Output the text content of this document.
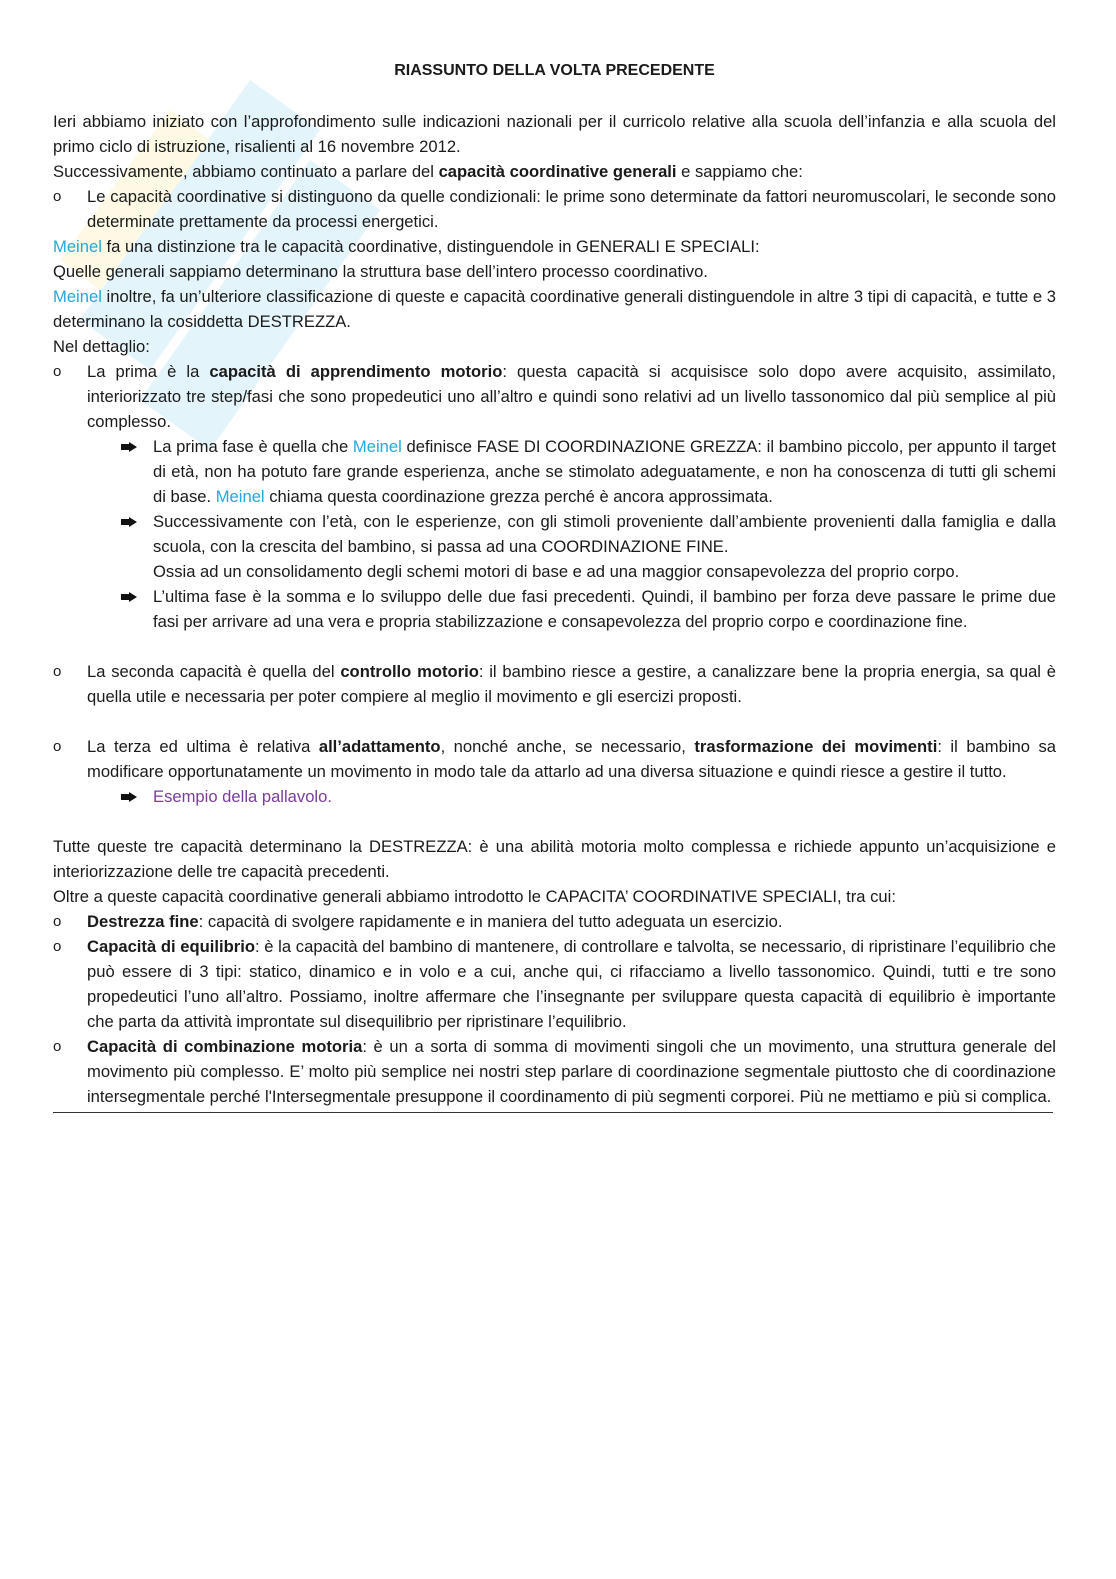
RIASSUNTO DELLA VOLTA PRECEDENTE

Ieri abbiamo iniziato con l’approfondimento sulle indicazioni nazionali per il curricolo relative alla scuola dell’infanzia e alla scuola del primo ciclo di istruzione, risalienti al 16 novembre 2012.

Successivamente, abbiamo continuato a parlare del capacità coordinative generali e sappiamo che:

o	Le capacità coordinative si distinguono da quelle condizionali: le prime sono determinate da fattori neuromuscolari, le seconde sono determinate prettamente da processi energetici.

Meinel fa una distinzione tra le capacità coordinative, distinguendole in GENERALI E SPECIALI:

Quelle generali sappiamo determinano la struttura base dell’intero processo coordinativo.

Meinel inoltre, fa un’ulteriore classificazione di queste e capacità coordinative generali distinguendole in altre 3 tipi di capacità, e tutte e 3 determinano la cosiddetta DESTREZZA.

Nel dettaglio:

o	La prima è la capacità di apprendimento motorio: questa capacità si acquisisce solo dopo avere acquisito, assimilato, interiorizzato tre step/fasi che sono propedeutici uno all’altro e quindi sono relativi ad un livello tassonomico dal più semplice al più complesso.
La prima fase è quella che Meinel definisce FASE DI COORDINAZIONE GREZZA: il bambino piccolo, per appunto il target di età, non ha potuto fare grande esperienza, anche se stimolato adeguatamente, e non ha conoscenza di tutti gli schemi di base. Meinel chiama questa coordinazione grezza perché è ancora approssimata.
Successivamente con l’età, con le esperienze, con gli stimoli proveniente dall’ambiente provenienti dalla famiglia e dalla scuola, con la crescita del bambino, si passa ad una COORDINAZIONE FINE.
Ossia ad un consolidamento degli schemi motori di base e ad una maggior consapevolezza del proprio corpo.
L’ultima fase è la somma e lo sviluppo delle due fasi precedenti. Quindi, il bambino per forza deve passare le prime due fasi per arrivare ad una vera e propria stabilizzazione e consapevolezza del proprio corpo e coordinazione fine.
o	La seconda capacità è quella del controllo motorio: il bambino riesce a gestire, a canalizzare bene la propria energia, sa qual è quella utile e necessaria per poter compiere al meglio il movimento e gli esercizi proposti.
o	La terza ed ultima è relativa all’adattamento, nonché anche, se necessario, trasformazione dei movimenti: il bambino sa modificare opportunatamente un movimento in modo tale da attarlo ad una diversa situazione e quindi riesce a gestire il tutto.
Esempio della pallavolo.

Tutte queste tre capacità determinano la DESTREZZA: è una abilità motoria molto complessa e richiede appunto un’acquisizione e interiorizzazione delle tre capacità precedenti.

Oltre a queste capacità coordinative generali abbiamo introdotto le CAPACITA’ COORDINATIVE SPECIALI, tra cui:

o	Destrezza fine: capacità di svolgere rapidamente e in maniera del tutto adeguata un esercizio.
o	Capacità di equilibrio: è la capacità del bambino di mantenere, di controllare e talvolta, se necessario, di ripristinare l’equilibrio che può essere di 3 tipi: statico, dinamico e in volo e a cui, anche qui, ci rifacciamo a livello tassonomico. Quindi, tutti e tre sono propedeutici l’uno all’altro. Possiamo, inoltre affermare che l’insegnante per sviluppare questa capacità di equilibrio è importante che parta da attività improntate sul disequilibrio per ripristinare l’equilibrio.
o	Capacità di combinazione motoria: è un a sorta di somma di movimenti singoli che un movimento, una struttura generale del movimento più complesso. E’ molto più semplice nei nostri step parlare di coordinazione segmentale piuttosto che di coordinazione intersegmentale perché l'Intersegmentale presuppone il coordinamento di più segmenti corporei. Più ne mettiamo e più si complica.
